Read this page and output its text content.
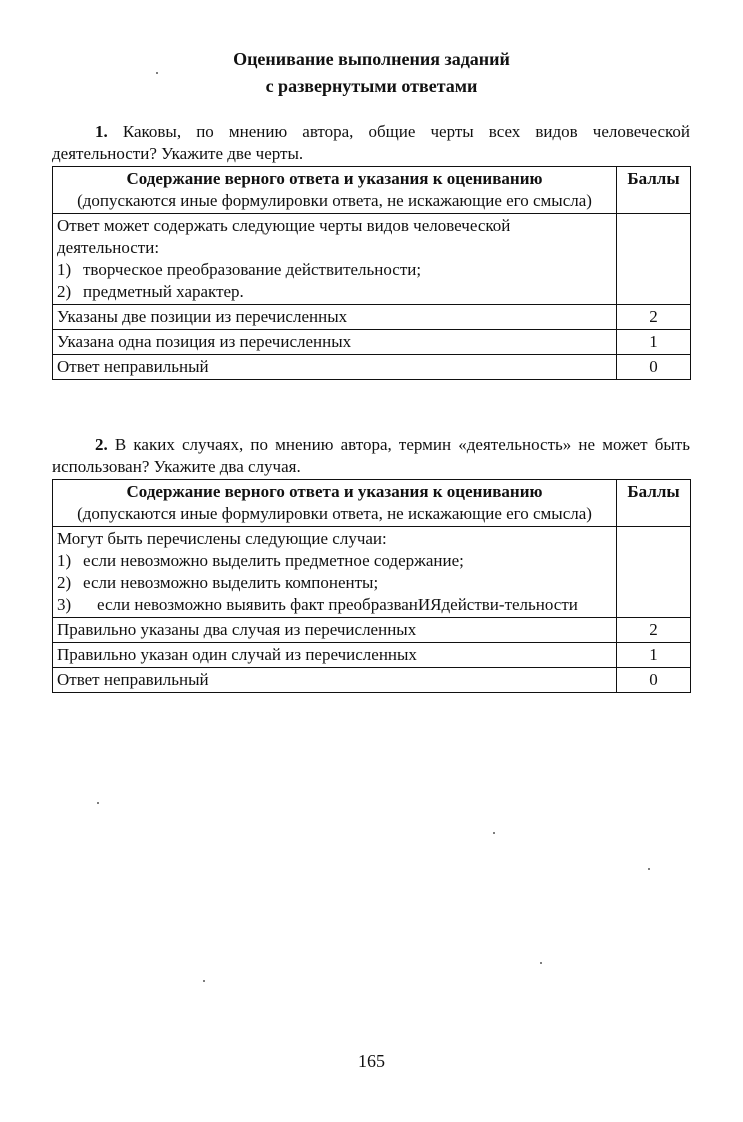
Оценивание выполнения заданий
с развернутыми ответами
1. Каковы, по мнению автора, общие черты всех видов человеческой деятельности? Укажите две черты.
Содержание верного ответа и указания к оцениванию
(допускаются иные формулировки ответа, не искажающие его смысла)	Баллы

Ответ может содержать следующие черты видов человеческой деятельности:
1) творческое преобразование действительности;
2) предметный характер.	

Указаны две позиции из перечисленных	2
Указана одна позиция из перечисленных	1
Ответ неправильный	0
2. В каких случаях, по мнению автора, термин «деятельность» не может быть использован? Укажите два случая.
Содержание верного ответа и указания к оцениванию
(допускаются иные формулировки ответа, не искажающие его смысла)	Баллы

Могут быть перечислены следующие случаи:
1) если невозможно выделить предметное содержание;
2) если невозможно выделить компоненты;
3) если невозможно выявить факт преобразванИЯдействи-тельности	

Правильно указаны два случая из перечисленных	2
Правильно указан один случай из перечисленных	1
Ответ неправильный	0
165
